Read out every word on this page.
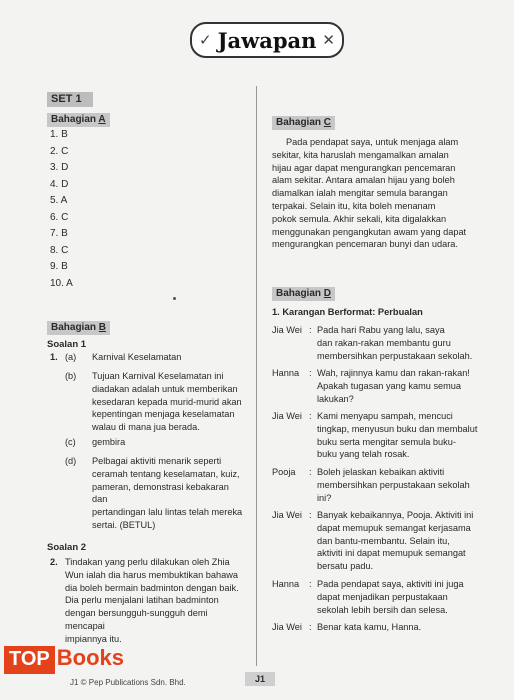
✓ Jawapan ✕
SET 1
Bahagian A
1. B
2. C
3. D
4. D
5. A
6. C
7. B
8. C
9. B
10. A
Bahagian B
Soalan 1
1. (a) Karnival Keselamatan
(b) Tujuan Karnival Keselamatan ini
diadakan adalah untuk memberikan
kesedaran kepada murid-murid akan
kepentingan menjaga keselamatan
walau di mana jua berada.
(c) gembira
(d) Pelbagai aktiviti menarik seperti
ceramah tentang keselamatan, kuiz,
pameran, demonstrasi kebakaran dan
pertandingan lalu lintas telah mereka
sertai. (BETUL)
Soalan 2
2. Tindakan yang perlu dilakukan oleh Zhia
Wun ialah dia harus membuktikan bahawa
dia boleh bermain badminton dengan baik.
Dia perlu menjalani latihan badminton
dengan bersungguh-sungguh demi mencapai
impiannya itu.
Bahagian C
Pada pendapat saya, untuk menjaga alam
sekitar, kita haruslah mengamalkan amalan
hijau agar dapat mengurangkan pencemaran
alam sekitar. Antara amalan hijau yang boleh
diamalkan ialah mengitar semula barangan
terpakai. Selain itu, kita boleh menanam
pokok semula. Akhir sekali, kita digalakkan
menggunakan pengangkutan awam yang dapat
mengurangkan pencemaran bunyi dan udara.
Bahagian D
1. Karangan Berformat: Perbualan
Jia Wei : Pada hari Rabu yang lalu, saya
dan rakan-rakan membantu guru
membersihkan perpustakaan sekolah.
Hanna : Wah, rajinnya kamu dan rakan-rakan!
Apakah tugasan yang kamu semua
lakukan?
Jia Wei : Kami menyapu sampah, mencuci
tingkap, menyusun buku dan membalut
buku serta mengitar semula buku-
buku yang telah rosak.
Pooja : Boleh jelaskan kebaikan aktiviti
membersihkan perpustakaan sekolah
ini?
Jia Wei : Banyak kebaikannya, Pooja. Aktiviti ini
dapat memupuk semangat kerjasama
dan bantu-membantu. Selain itu,
aktiviti ini dapat memupuk semangat
bersatu padu.
Hanna : Pada pendapat saya, aktiviti ini juga
dapat menjadikan perpustakaan
sekolah lebih bersih dan selesa.
Jia Wei : Benar kata kamu, Hanna.
TOP Books
J1 © Pep Publications Sdn. Bhd.	J1
